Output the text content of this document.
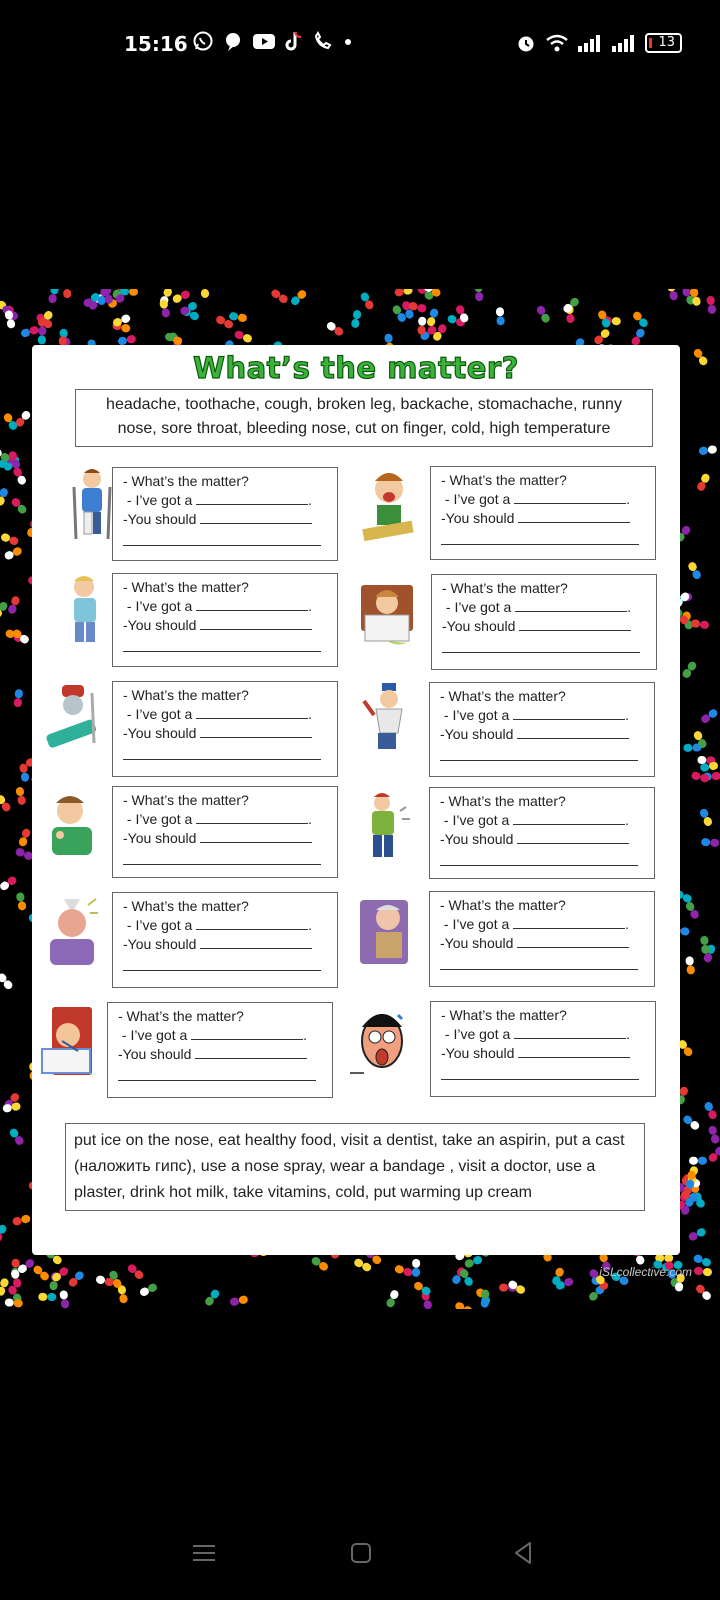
15:16	13
What’s the matter?
headache, toothache, cough, broken leg, backache, stomachache, runny nose, sore throat, bleeding nose, cut on finger, cold, high temperature
- What’s the matter?
- I’ve got a	.
-You should
- What’s the matter?
- I’ve got a	.
-You should
- What’s the matter?
- I’ve got a	.
-You should
- What’s the matter?
- I’ve got a	.
-You should
- What’s the matter?
- I’ve got a	.
-You should
- What’s the matter?
- I’ve got a	.
-You should
- What’s the matter?
- I’ve got a	.
-You should
- What’s the matter?
- I’ve got a	.
-You should
- What’s the matter?
- I’ve got a	.
-You should
- What’s the matter?
- I’ve got a	.
-You should
- What’s the matter?
- I’ve got a	.
-You should
- What’s the matter?
- I’ve got a	.
-You should
put ice on the nose, eat healthy food, visit a dentist, take an aspirin, put a cast (наложить гипс), use a nose spray, wear a bandage , visit a doctor, use a plaster, drink hot milk, take vitamins, cold, put warming up cream
iSLcollective.com
